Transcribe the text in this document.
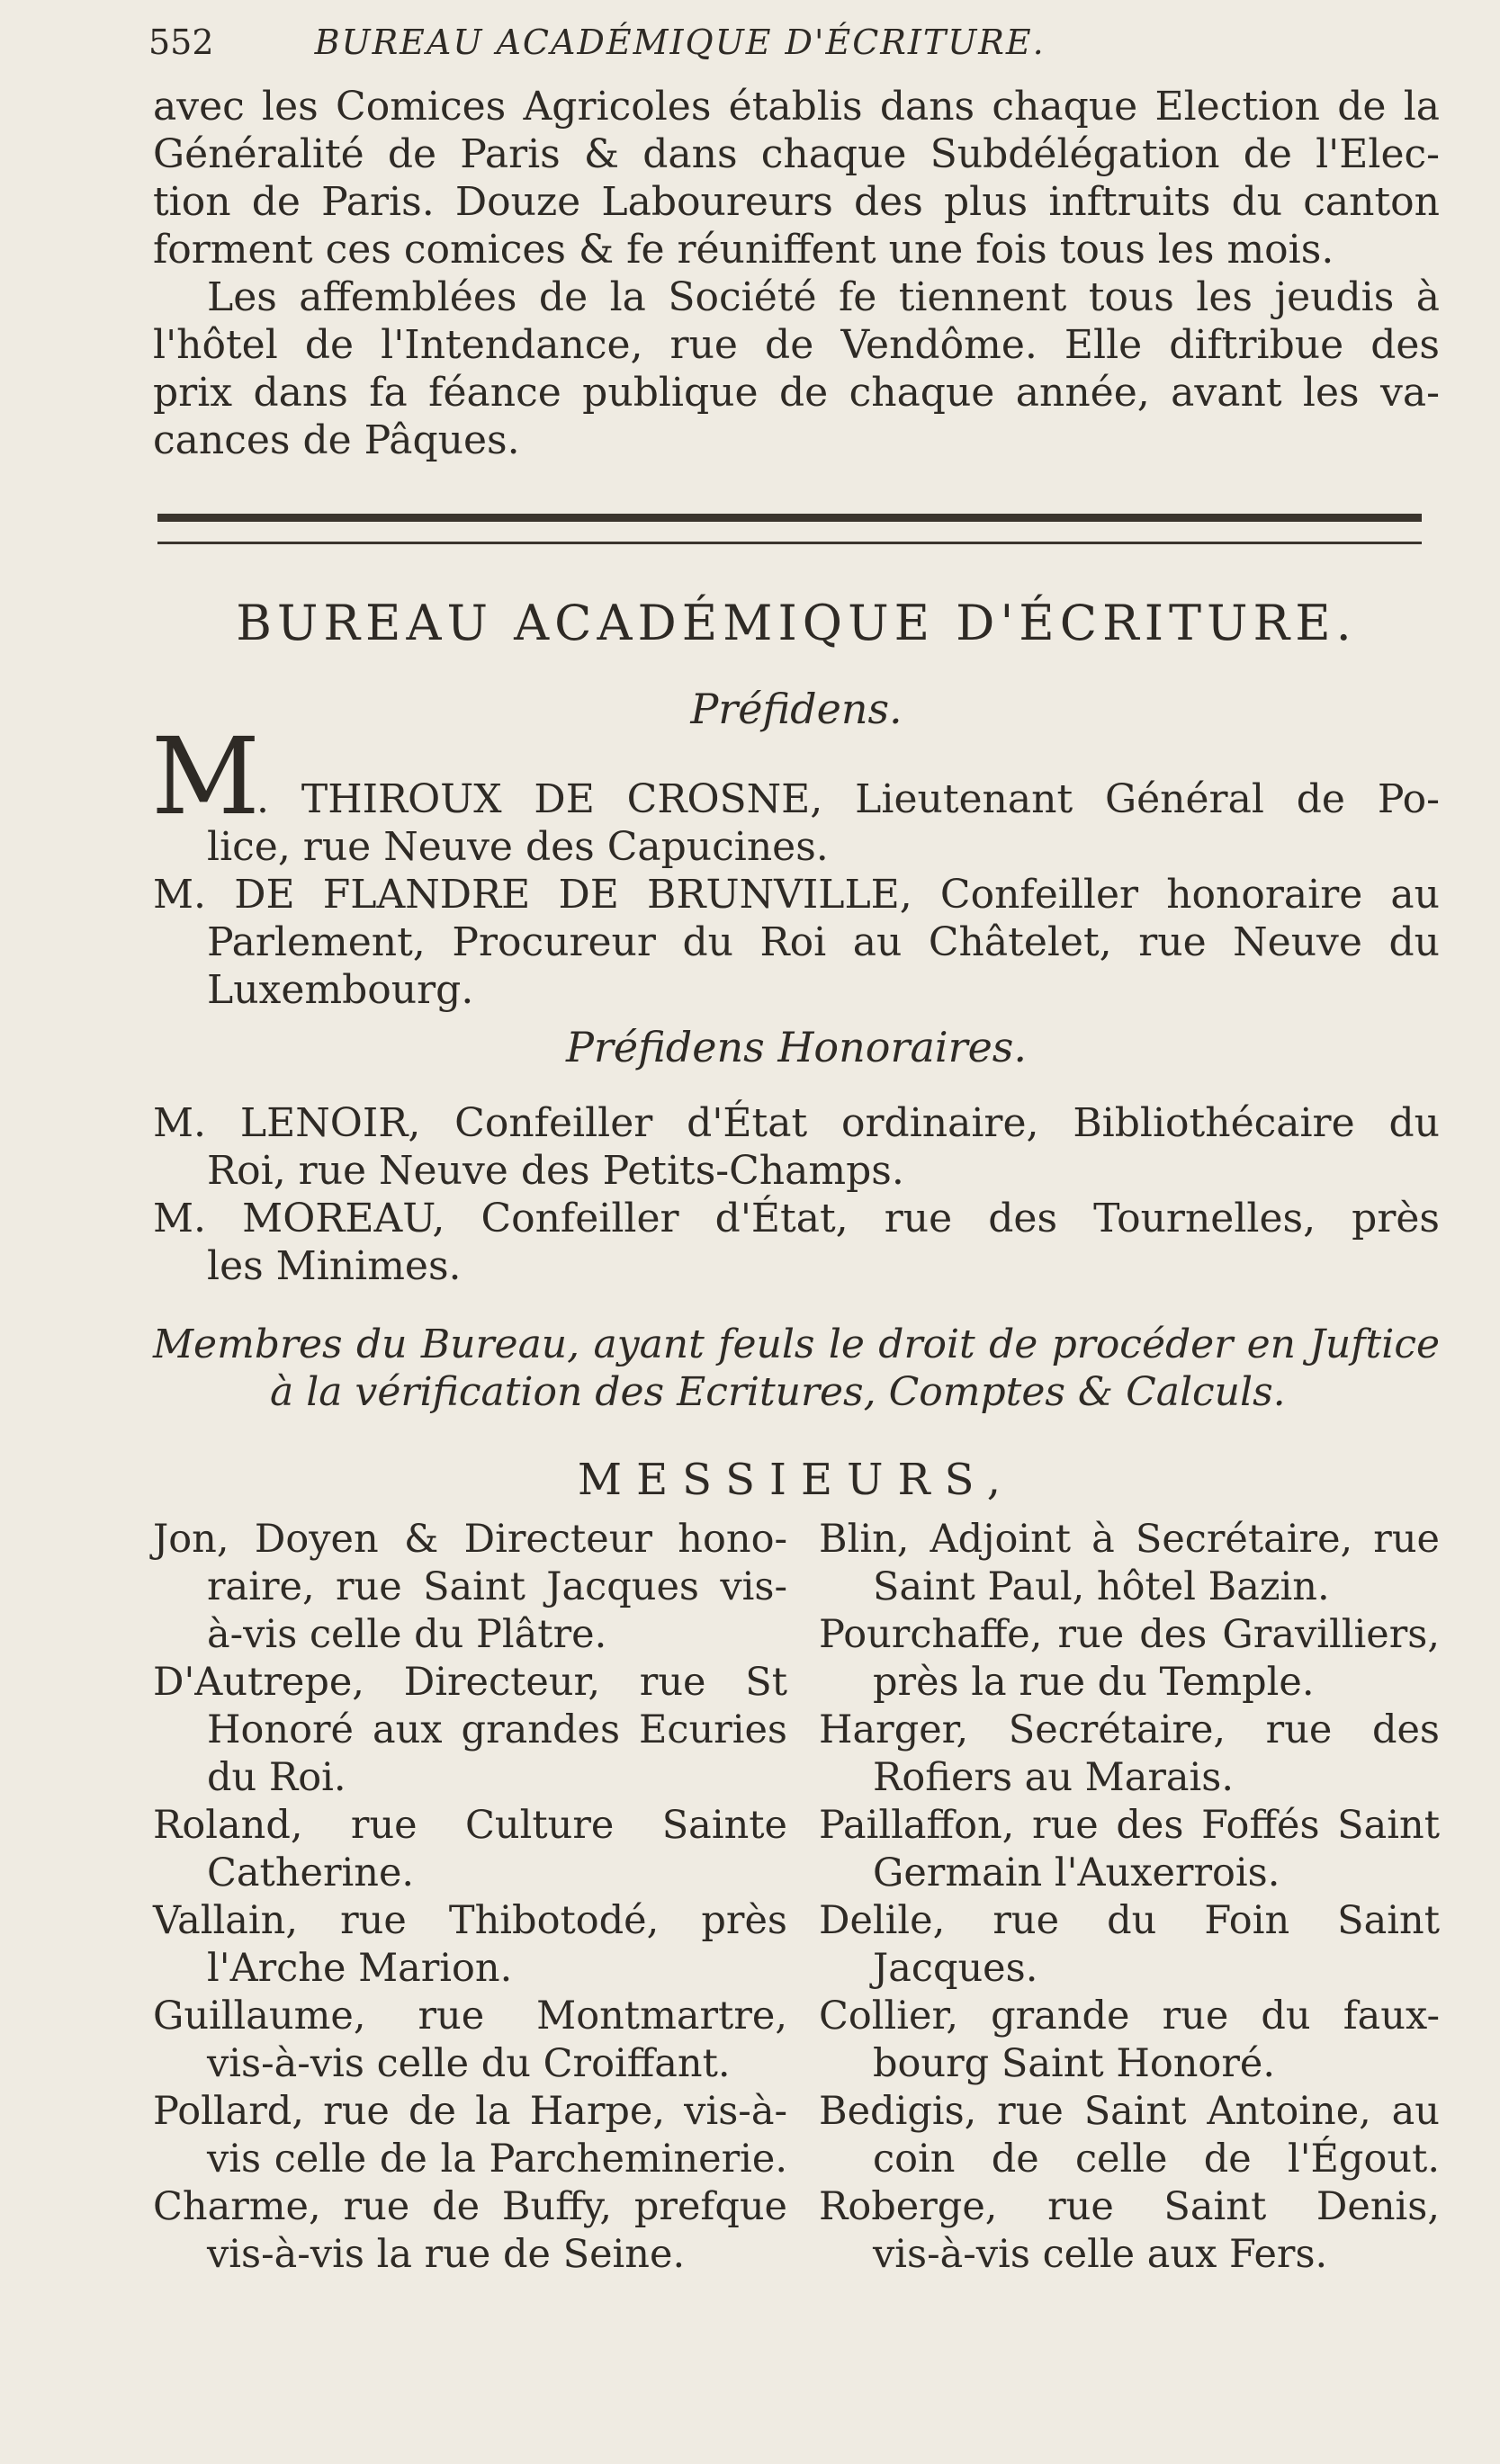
552	BUREAU ACADÉMIQUE D'ÉCRITURE.
avec les Comices Agricoles établis dans chaque Election de la
Généralité de Paris & dans chaque Subdélégation de l'Elec-
tion de Paris. Douze Laboureurs des plus inftruits du canton
forment ces comices & fe réuniffent une fois tous les mois.
Les affemblées de la Société fe tiennent tous les jeudis à
l'hôtel de l'Intendance, rue de Vendôme. Elle diftribue des
prix dans fa féance publique de chaque année, avant les va-
cances de Pâques.
BUREAU ACADÉMIQUE D'ÉCRITURE.
Préfidens.
M
. THIROUX DE CROSNE, Lieutenant Général de Po-
lice, rue Neuve des Capucines.
M. DE FLANDRE DE BRUNVILLE, Confeiller honoraire au
Parlement, Procureur du Roi au Châtelet, rue Neuve du
Luxembourg.
Préfidens Honoraires.
M. LENOIR, Confeiller d'État ordinaire, Bibliothécaire du
Roi, rue Neuve des Petits-Champs.
M. MOREAU, Confeiller d'État, rue des Tournelles, près
les Minimes.
Membres du Bureau, ayant feuls le droit de procéder en Juftice
à la vérification des Ecritures, Comptes & Calculs.
MESSIEURS,
Jon, Doyen & Directeur hono-
raire, rue Saint Jacques vis-
à-vis celle du Plâtre.
D'Autrepe, Directeur, rue St
Honoré aux grandes Ecuries
du Roi.
Roland, rue Culture Sainte
Catherine.
Vallain, rue Thibotodé, près
l'Arche Marion.
Guillaume, rue Montmartre,
vis-à-vis celle du Croiffant.
Pollard, rue de la Harpe, vis-à-
vis celle de la Parcheminerie.
Charme, rue de Buffy, prefque
vis-à-vis la rue de Seine.
Blin, Adjoint à Secrétaire, rue
Saint Paul, hôtel Bazin.
Pourchaffe, rue des Gravilliers,
près la rue du Temple.
Harger, Secrétaire, rue des
Rofiers au Marais.
Paillaffon, rue des Foffés Saint
Germain l'Auxerrois.
Delile, rue du Foin Saint
Jacques.
Collier, grande rue du faux-
bourg Saint Honoré.
Bedigis, rue Saint Antoine, au
coin de celle de l'Égout.
Roberge, rue Saint Denis,
vis-à-vis celle aux Fers.
